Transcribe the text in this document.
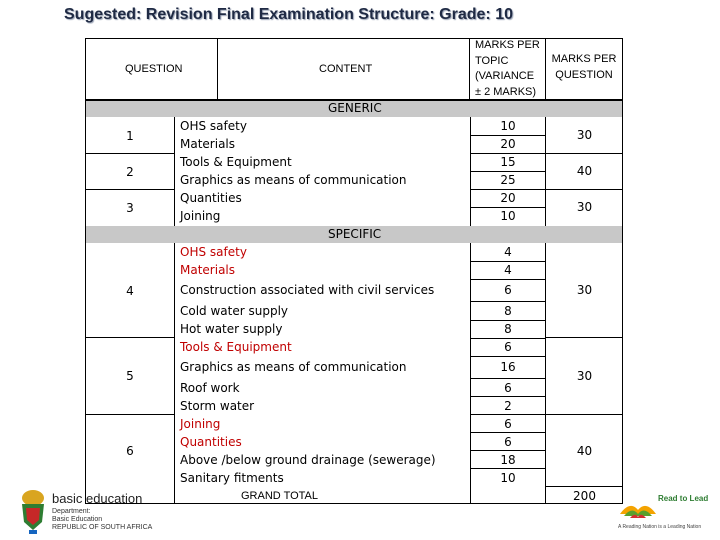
Sugested: Revision Final Examination Structure: Grade: 10
QUESTION	CONTENT
MARKS PER
TOPIC
(VARIANCE
± 2 MARKS)
MARKS PER
QUESTION
GENERIC
SPECIFIC
1
2
3
4
5
6
OHS safety
Materials
Tools & Equipment
Graphics as means of communication
Quantities
Joining
10
20
15
25
20
10
OHS safety
Materials
Construction associated with civil services
Cold water supply
Hot water supply
Tools & Equipment
Graphics as means of communication
Roof work
Storm water
Joining
Quantities
Above /below ground drainage (sewerage)
Sanitary fitments
4
4
6
8
8
6
16
6
2
6
6
18
10
30
40
30
30
30
40
GRAND TOTAL	200
basic education
Department:
Basic Education
REPUBLIC OF SOUTH AFRICA
Read to Lead
A Reading Nation is a Leading Nation
